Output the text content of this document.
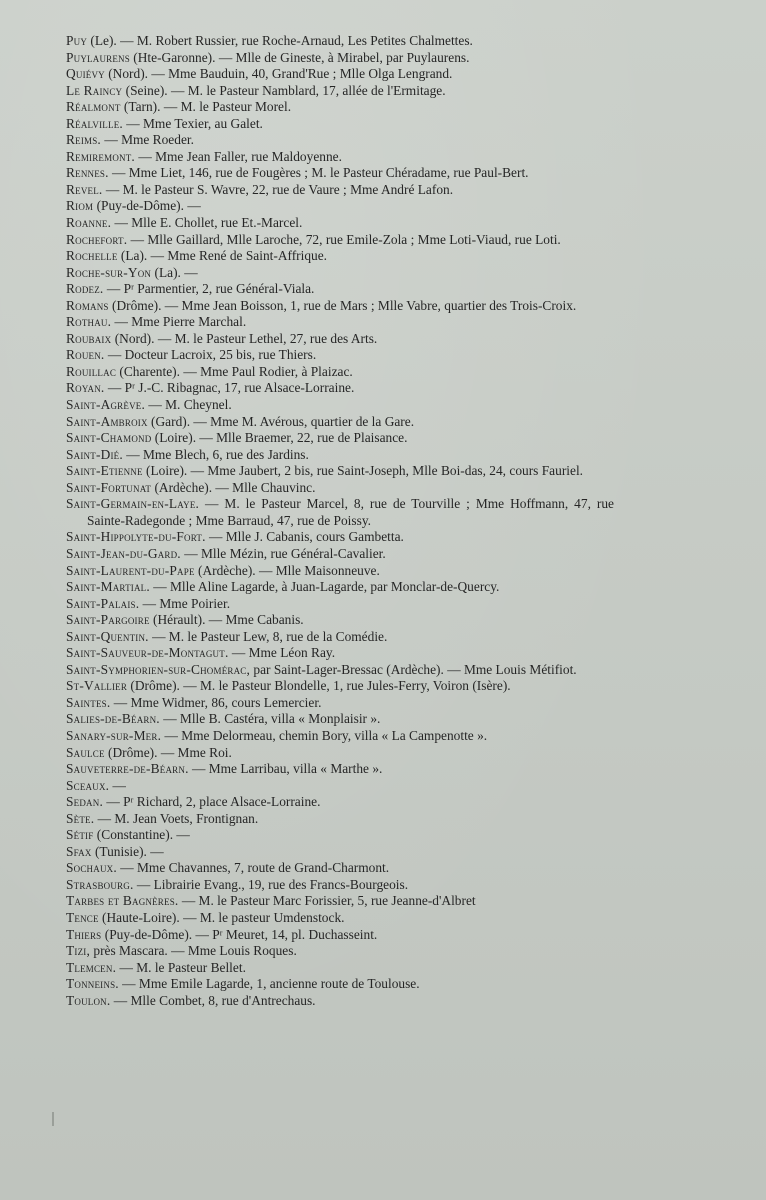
Puy (Le). — M. Robert Russier, rue Roche-Arnaud, Les Petites Chalmettes.
Puylaurens (Hte-Garonne). — Mlle de Gineste, à Mirabel, par Puylaurens.
Quiévy (Nord). — Mme Bauduin, 40, Grand'Rue ; Mlle Olga Lengrand.
Le Raincy (Seine). — M. le Pasteur Namblard, 17, allée de l'Ermitage.
Réalmont (Tarn). — M. le Pasteur Morel.
Réalville. — Mme Texier, au Galet.
Reims. — Mme Roeder.
Remiremont. — Mme Jean Faller, rue Maldoyenne.
Rennes. — Mme Liet, 146, rue de Fougères ; M. le Pasteur Chéradame, rue Paul-Bert.
Revel. — M. le Pasteur S. Wavre, 22, rue de Vaure ; Mme André Lafon.
Riom (Puy-de-Dôme). —
Roanne. — Mlle E. Chollet, rue Et.-Marcel.
Rochefort. — Mlle Gaillard, Mlle Laroche, 72, rue Emile-Zola ; Mme Loti-Viaud, rue Loti.
Rochelle (La). — Mme René de Saint-Affrique.
Roche-sur-Yon (La). —
Rodez. — Pʳ Parmentier, 2, rue Général-Viala.
Romans (Drôme). — Mme Jean Boisson, 1, rue de Mars ; Mlle Vabre, quartier des Trois-Croix.
Rothau. — Mme Pierre Marchal.
Roubaix (Nord). — M. le Pasteur Lethel, 27, rue des Arts.
Rouen. — Docteur Lacroix, 25 bis, rue Thiers.
Rouillac (Charente). — Mme Paul Rodier, à Plaizac.
Royan. — Pʳ J.-C. Ribagnac, 17, rue Alsace-Lorraine.
Saint-Agrève. — M. Cheynel.
Saint-Ambroix (Gard). — Mme M. Avérous, quartier de la Gare.
Saint-Chamond (Loire). — Mlle Braemer, 22, rue de Plaisance.
Saint-Dié. — Mme Blech, 6, rue des Jardins.
Saint-Etienne (Loire). — Mme Jaubert, 2 bis, rue Saint-Joseph, Mlle Boi-das, 24, cours Fauriel.
Saint-Fortunat (Ardèche). — Mlle Chauvinc.
Saint-Germain-en-Laye. — M. le Pasteur Marcel, 8, rue de Tourville ; Mme Hoffmann, 47, rue Sainte-Radegonde ; Mme Barraud, 47, rue de Poissy.
Saint-Hippolyte-du-Fort. — Mlle J. Cabanis, cours Gambetta.
Saint-Jean-du-Gard. — Mlle Mézin, rue Général-Cavalier.
Saint-Laurent-du-Pape (Ardèche). — Mlle Maisonneuve.
Saint-Martial. — Mlle Aline Lagarde, à Juan-Lagarde, par Monclar-de-Quercy.
Saint-Palais. — Mme Poirier.
Saint-Pargoire (Hérault). — Mme Cabanis.
Saint-Quentin. — M. le Pasteur Lew, 8, rue de la Comédie.
Saint-Sauveur-de-Montagut. — Mme Léon Ray.
Saint-Symphorien-sur-Chomérac, par Saint-Lager-Bressac (Ardèche). — Mme Louis Métifiot.
St-Vallier (Drôme). — M. le Pasteur Blondelle, 1, rue Jules-Ferry, Voiron (Isère).
Saintes. — Mme Widmer, 86, cours Lemercier.
Salies-de-Béarn. — Mlle B. Castéra, villa « Monplaisir ».
Sanary-sur-Mer. — Mme Delormeau, chemin Bory, villa « La Campenotte ».
Saulce (Drôme). — Mme Roi.
Sauveterre-de-Béarn. — Mme Larribau, villa « Marthe ».
Sceaux. —
Sedan. — Pʳ Richard, 2, place Alsace-Lorraine.
Sète. — M. Jean Voets, Frontignan.
Sétif (Constantine). —
Sfax (Tunisie). —
Sochaux. — Mme Chavannes, 7, route de Grand-Charmont.
Strasbourg. — Librairie Evang., 19, rue des Francs-Bourgeois.
Tarbes et Bagnères. — M. le Pasteur Marc Forissier, 5, rue Jeanne-d'Albret
Tence (Haute-Loire). — M. le pasteur Umdenstock.
Thiers (Puy-de-Dôme). — Pʳ Meuret, 14, pl. Duchasseint.
Tizi, près Mascara. — Mme Louis Roques.
Tlemcen. — M. le Pasteur Bellet.
Tonneins. — Mme Emile Lagarde, 1, ancienne route de Toulouse.
Toulon. — Mlle Combet, 8, rue d'Antrechaus.
